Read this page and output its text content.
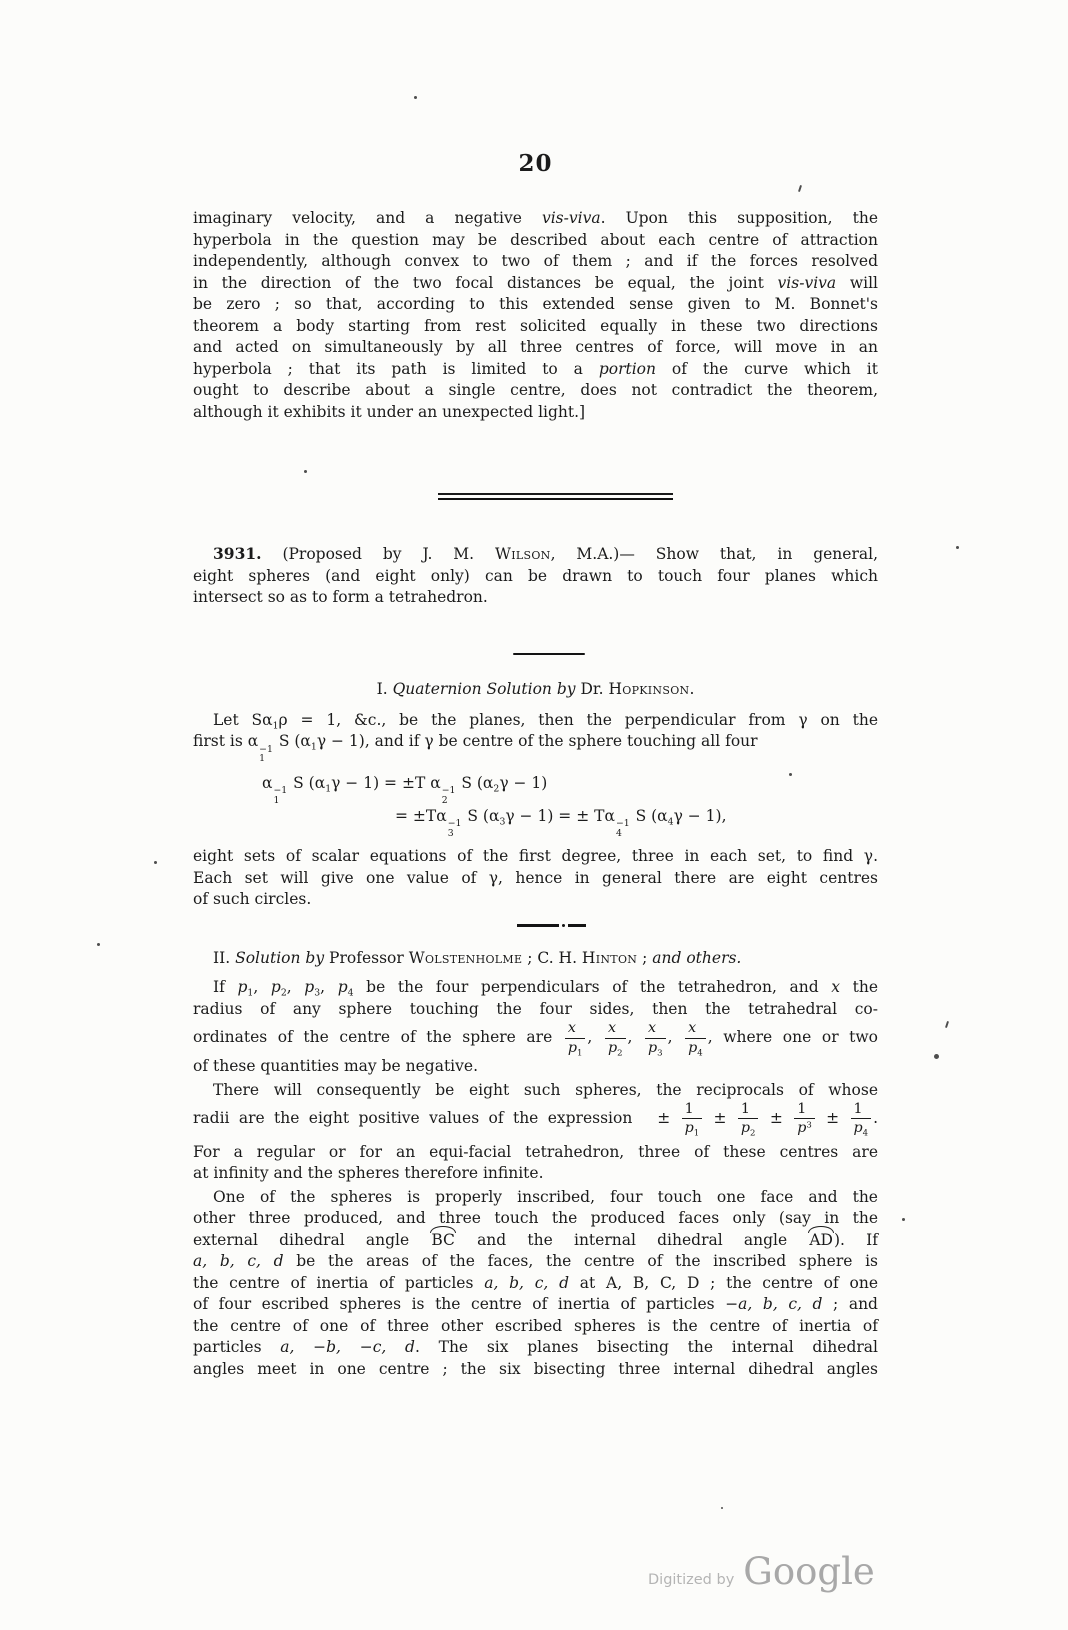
20
imaginary velocity, and a negative vis-viva. Upon this supposition, the
hyperbola in the question may be described about each centre of attraction
independently, although convex to two of them ; and if the forces resolved
in the direction of the two focal distances be equal, the joint vis-viva will
be zero ; so that, according to this extended sense given to M. Bonnet's
theorem a body starting from rest solicited equally in these two directions
and acted on simultaneously by all three centres of force, will move in an
hyperbola ; that its path is limited to a portion of the curve which it
ought to describe about a single centre, does not contradict the theorem,
although it exhibits it under an unexpected light.]
3931. (Proposed by J. M. Wilson, M.A.)— Show that, in general,
eight spheres (and eight only) can be drawn to touch four planes which
intersect so as to form a tetrahedron.
I. Quaternion Solution by Dr. Hopkinson.
Let $S\alpha_1\rho = 1$, &c., be the planes, then the perpendicular from γ on the
first is α −1
1
S $(\alpha_1\gamma - 1)$, and if γ be centre of the sphere touching all four
α −1
1
S $(\alpha_1\gamma - 1) = \pm T$ α −1
2
S $(\alpha_2\gamma - 1)$
= ±Tα −1
3
S $(\alpha_3\gamma - 1)$ = ± Tα −1
4
S $(\alpha_4\gamma - 1)$,
eight sets of scalar equations of the first degree, three in each set, to find γ.
Each set will give one value of γ, hence in general there are eight centres
of such circles.
II. Solution by Professor Wolstenholme ; C. H. Hinton ; and others.
If $p_1$, $p_2$, $p_3$, $p_4$ be the four perpendiculars of the tetrahedron, and x the
radius of any sphere touching the four sides, then the tetrahedral co-
ordinates of the centre of the sphere are $\frac{x}{p_1}$ , $\frac{x}{p_2}$ , $\frac{x}{p_3}$ , $\frac{x}{p_4}$ , where one or two
of these quantities may be negative.
There will consequently be eight such spheres, the reciprocals of whose
radii are the eight positive values of the expression  ± $\frac{1}{p_1} \pm \frac{1}{p_2} \pm \frac{1}{p^3} \pm \frac{1}{p_4}$ .
For a regular or for an equi-facial tetrahedron, three of these centres are
at infinity and the spheres therefore infinite.
One of the spheres is properly inscribed, four touch one face and the
other three produced, and three touch the produced faces only (say in the
external dihedral angle BC and the internal dihedral angle AD). If
a, b, c, d be the areas of the faces, the centre of the inscribed sphere is
the centre of inertia of particles a, b, c, d at A, B, C, D ; the centre of one
of four escribed spheres is the centre of inertia of particles −a, b, c, d ; and
the centre of one of three other escribed spheres is the centre of inertia of
particles a, −b, −c, d. The six planes bisecting the internal dihedral
angles meet in one centre ; the six bisecting three internal dihedral angles
Digitized by Google
